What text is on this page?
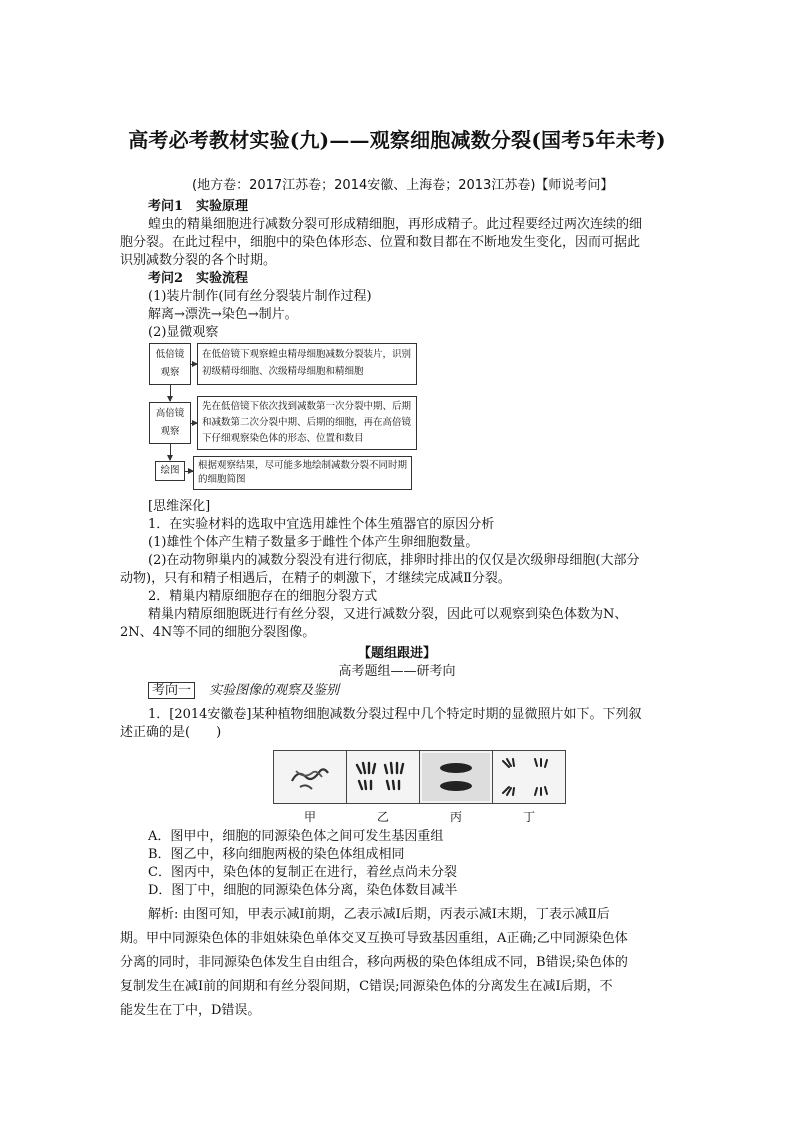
高考必考教材实验(九)——观察细胞减数分裂(国考5年未考)
(地方卷：2017江苏卷；2014安徽、上海卷；2013江苏卷)【师说考问】
考问1　实验原理
蝗虫的精巢细胞进行减数分裂可形成精细胞，再形成精子。此过程要经过两次连续的细
胞分裂。在此过程中，细胞中的染色体形态、位置和数目都在不断地发生变化，因而可据此
识别减数分裂的各个时期。
考问2　实验流程
(1)装片制作(同有丝分裂装片制作过程)
解离→漂洗→染色→制片。
(2)显微观察
低倍镜
观察
在低倍镜下观察蝗虫精母细胞减数分裂装片，识别
初级精母细胞、次级精母细胞和精细胞
高倍镜
观察
先在低倍镜下依次找到减数第一次分裂中期、后期
和减数第二次分裂中期、后期的细胞，再在高倍镜
下仔细观察染色体的形态、位置和数目
绘图	根据观察结果，尽可能多地绘制减数分裂不同时期
的细胞简图
[思维深化]
1．在实验材料的选取中宜选用雄性个体生殖器官的原因分析
(1)雄性个体产生精子数量多于雌性个体产生卵细胞数量。
(2)在动物卵巢内的减数分裂没有进行彻底，排卵时排出的仅仅是次级卵母细胞(大部分
动物)，只有和精子相遇后，在精子的刺激下，才继续完成减Ⅱ分裂。
2．精巢内精原细胞存在的细胞分裂方式
精巢内精原细胞既进行有丝分裂，又进行减数分裂，因此可以观察到染色体数为N、
2N、4N等不同的细胞分裂图像。
【题组跟进】
高考题组——研考向
考向一 实验图像的观察及鉴别
1．[2014安徽卷]某种植物细胞减数分裂过程中几个特定时期的显微照片如下。下列叙
述正确的是(　　)
甲	乙	丙	丁
A．图甲中，细胞的同源染色体之间可发生基因重组
B．图乙中，移向细胞两极的染色体组成相同
C．图丙中，染色体的复制正在进行，着丝点尚未分裂
D．图丁中，细胞的同源染色体分离，染色体数目减半
解析: 由图可知，甲表示减Ⅰ前期，乙表示减Ⅰ后期，丙表示减Ⅰ末期，丁表示减Ⅱ后
期。甲中同源染色体的非姐妹染色单体交叉互换可导致基因重组，A正确;乙中同源染色体
分离的同时，非同源染色体发生自由组合，移向两极的染色体组成不同，B错误;染色体的
复制发生在减Ⅰ前的间期和有丝分裂间期，C错误;同源染色体的分离发生在减Ⅰ后期，不
能发生在丁中，D错误。
